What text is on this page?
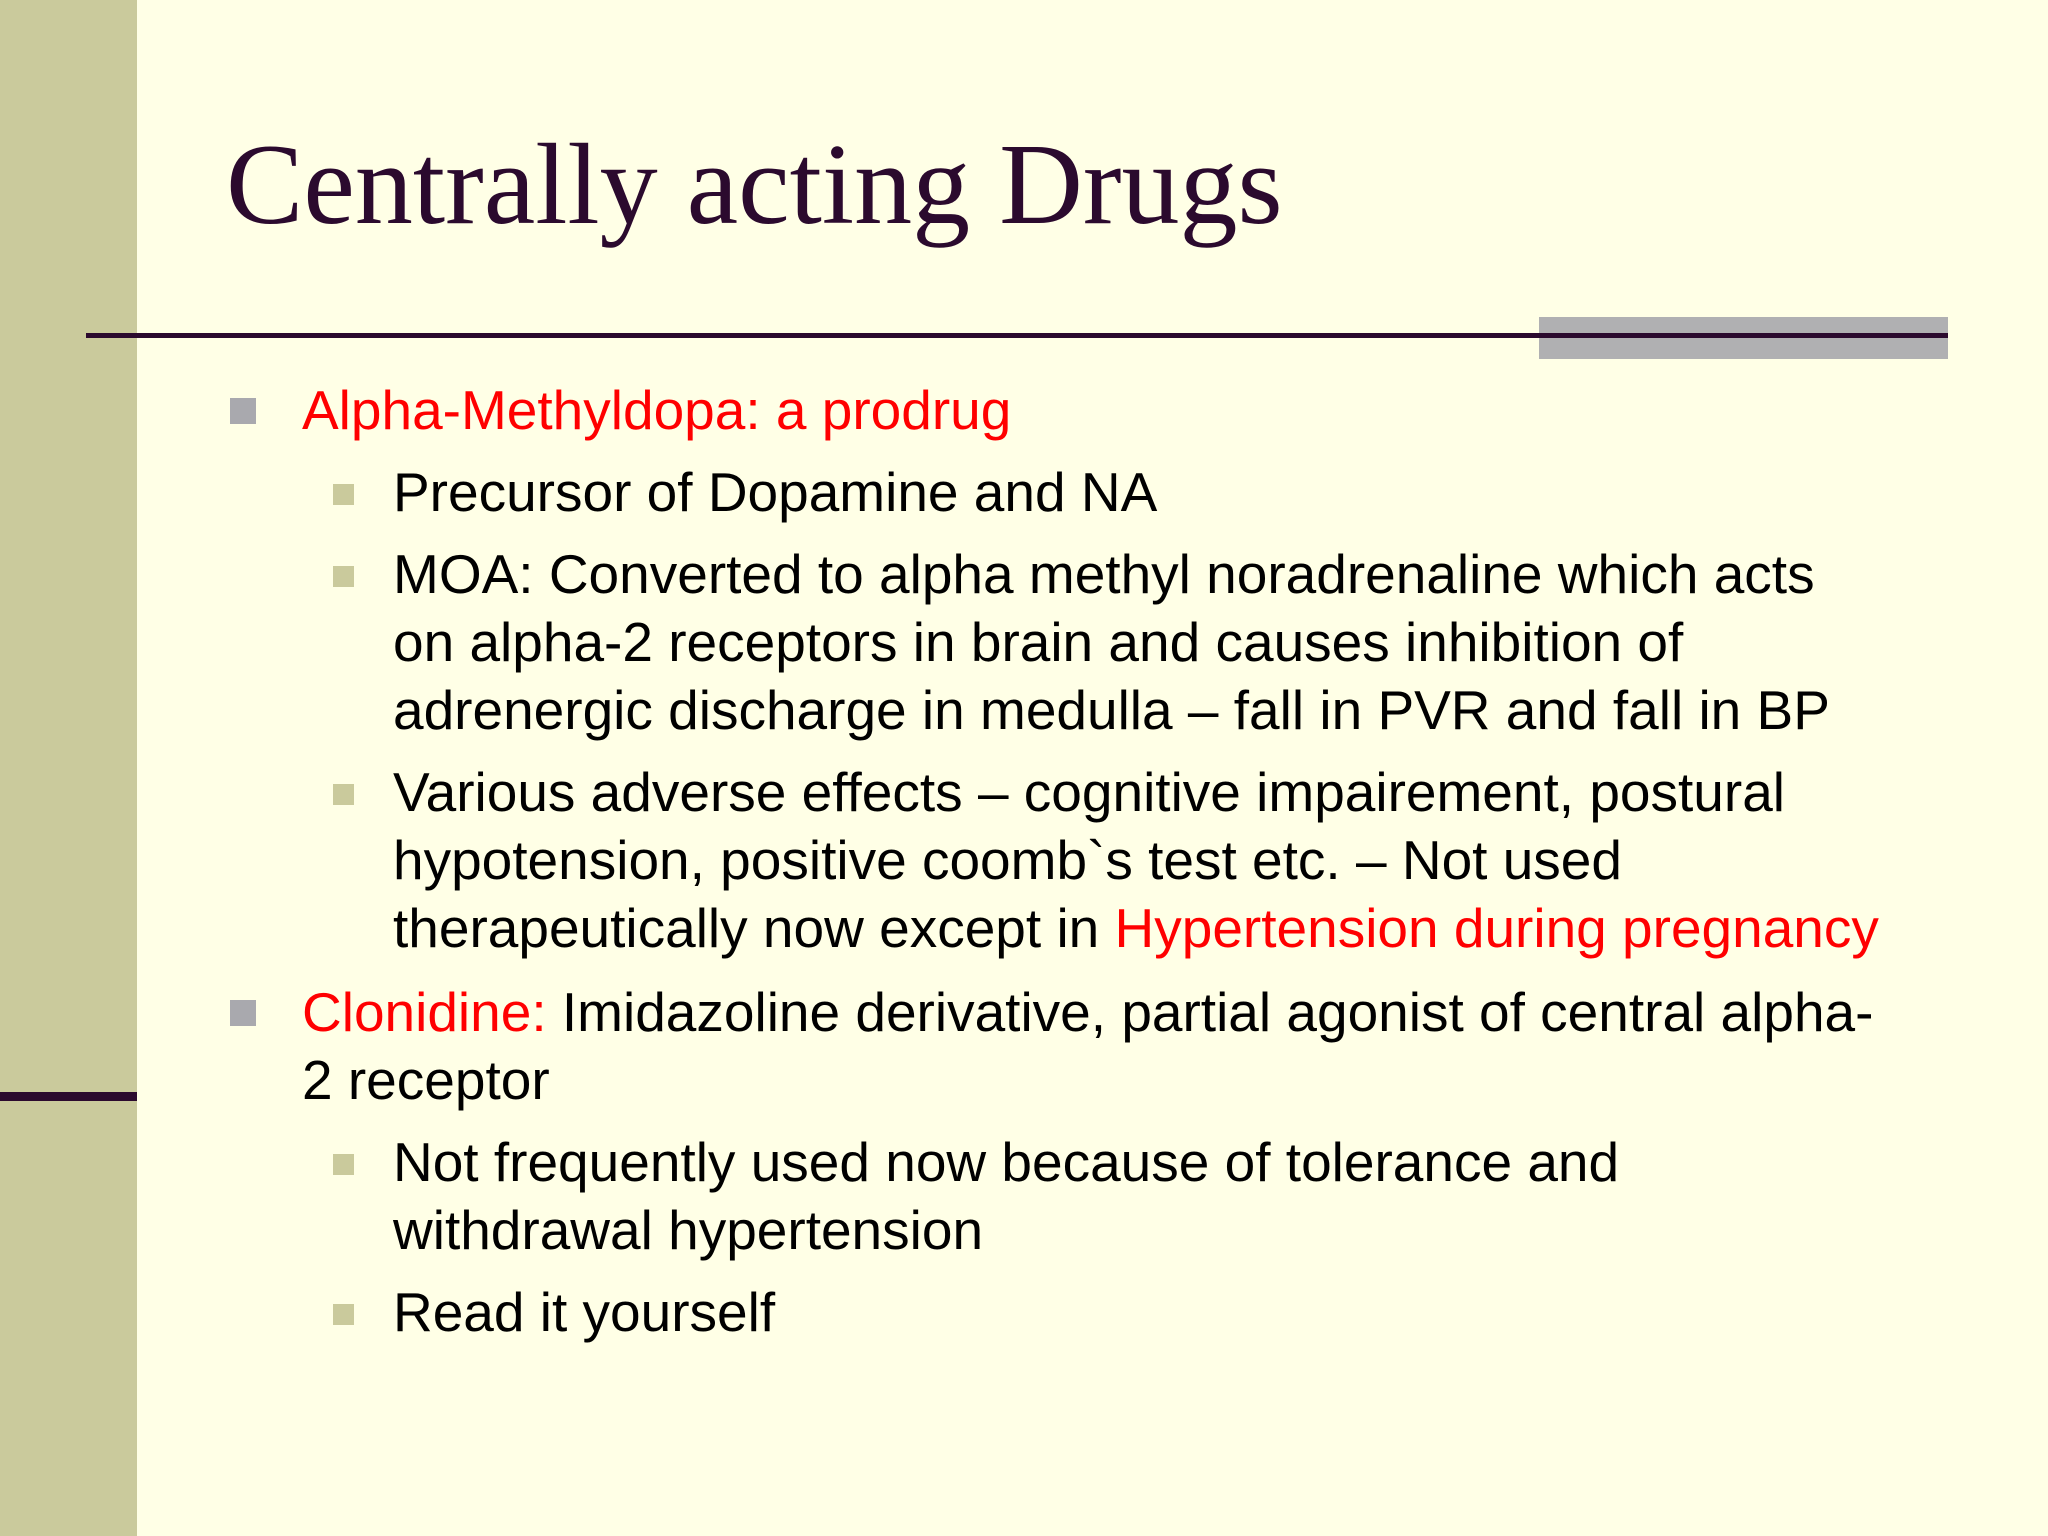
Centrally acting Drugs
Alpha-Methyldopa: a prodrug
Precursor of Dopamine and NA
MOA: Converted to alpha methyl noradrenaline which acts on alpha-2 receptors in brain and causes inhibition of adrenergic discharge in medulla – fall in PVR and fall in BP
Various adverse effects – cognitive impairement, postural hypotension, positive coomb`s test etc. – Not used therapeutically now except in Hypertension during pregnancy
Clonidine: Imidazoline derivative, partial agonist of central alpha-2 receptor
Not frequently used now because of tolerance and withdrawal hypertension
Read it yourself
